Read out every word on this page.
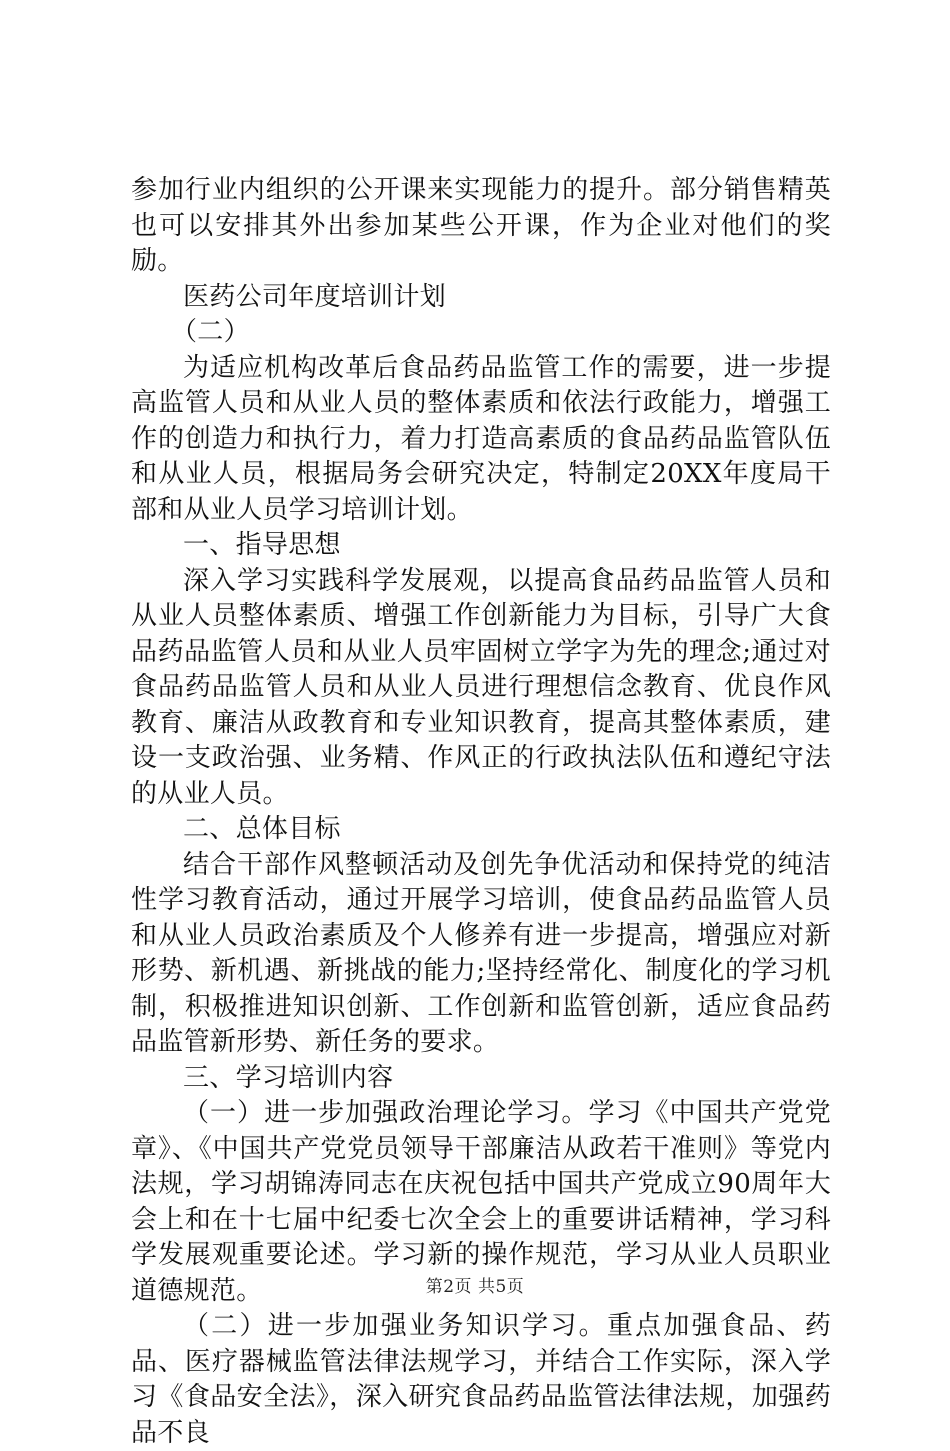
参加行业内组织的公开课来实现能力的提升。部分销售精英也可以安排其外出参加某些公开课，作为企业对他们的奖励。

医药公司年度培训计划

（二）

为适应机构改革后食品药品监管工作的需要，进一步提高监管人员和从业人员的整体素质和依法行政能力，增强工作的创造力和执行力，着力打造高素质的食品药品监管队伍和从业人员，根据局务会研究决定，特制定20XX年度局干部和从业人员学习培训计划。

一、指导思想

深入学习实践科学发展观，以提高食品药品监管人员和从业人员整体素质、增强工作创新能力为目标，引导广大食品药品监管人员和从业人员牢固树立学字为先的理念;通过对食品药品监管人员和从业人员进行理想信念教育、优良作风教育、廉洁从政教育和专业知识教育，提高其整体素质，建设一支政治强、业务精、作风正的行政执法队伍和遵纪守法的从业人员。

二、总体目标

结合干部作风整顿活动及创先争优活动和保持党的纯洁性学习教育活动，通过开展学习培训，使食品药品监管人员和从业人员政治素质及个人修养有进一步提高，增强应对新形势、新机遇、新挑战的能力;坚持经常化、制度化的学习机制，积极推进知识创新、工作创新和监管创新，适应食品药品监管新形势、新任务的要求。

三、学习培训内容

（一）进一步加强政治理论学习。学习《中国共产党党章》、《中国共产党党员领导干部廉洁从政若干准则》等党内法规，学习胡锦涛同志在庆祝包括中国共产党成立90周年大会上和在十七届中纪委七次全会上的重要讲话精神，学习科学发展观重要论述。学习新的操作规范，学习从业人员职业道德规范。

（二）进一步加强业务知识学习。重点加强食品、药品、医疗器械监管法律法规学习，并结合工作实际，深入学习《食品安全法》，深入研究食品药品监管法律法规，加强药品不良

第2页 共5页
